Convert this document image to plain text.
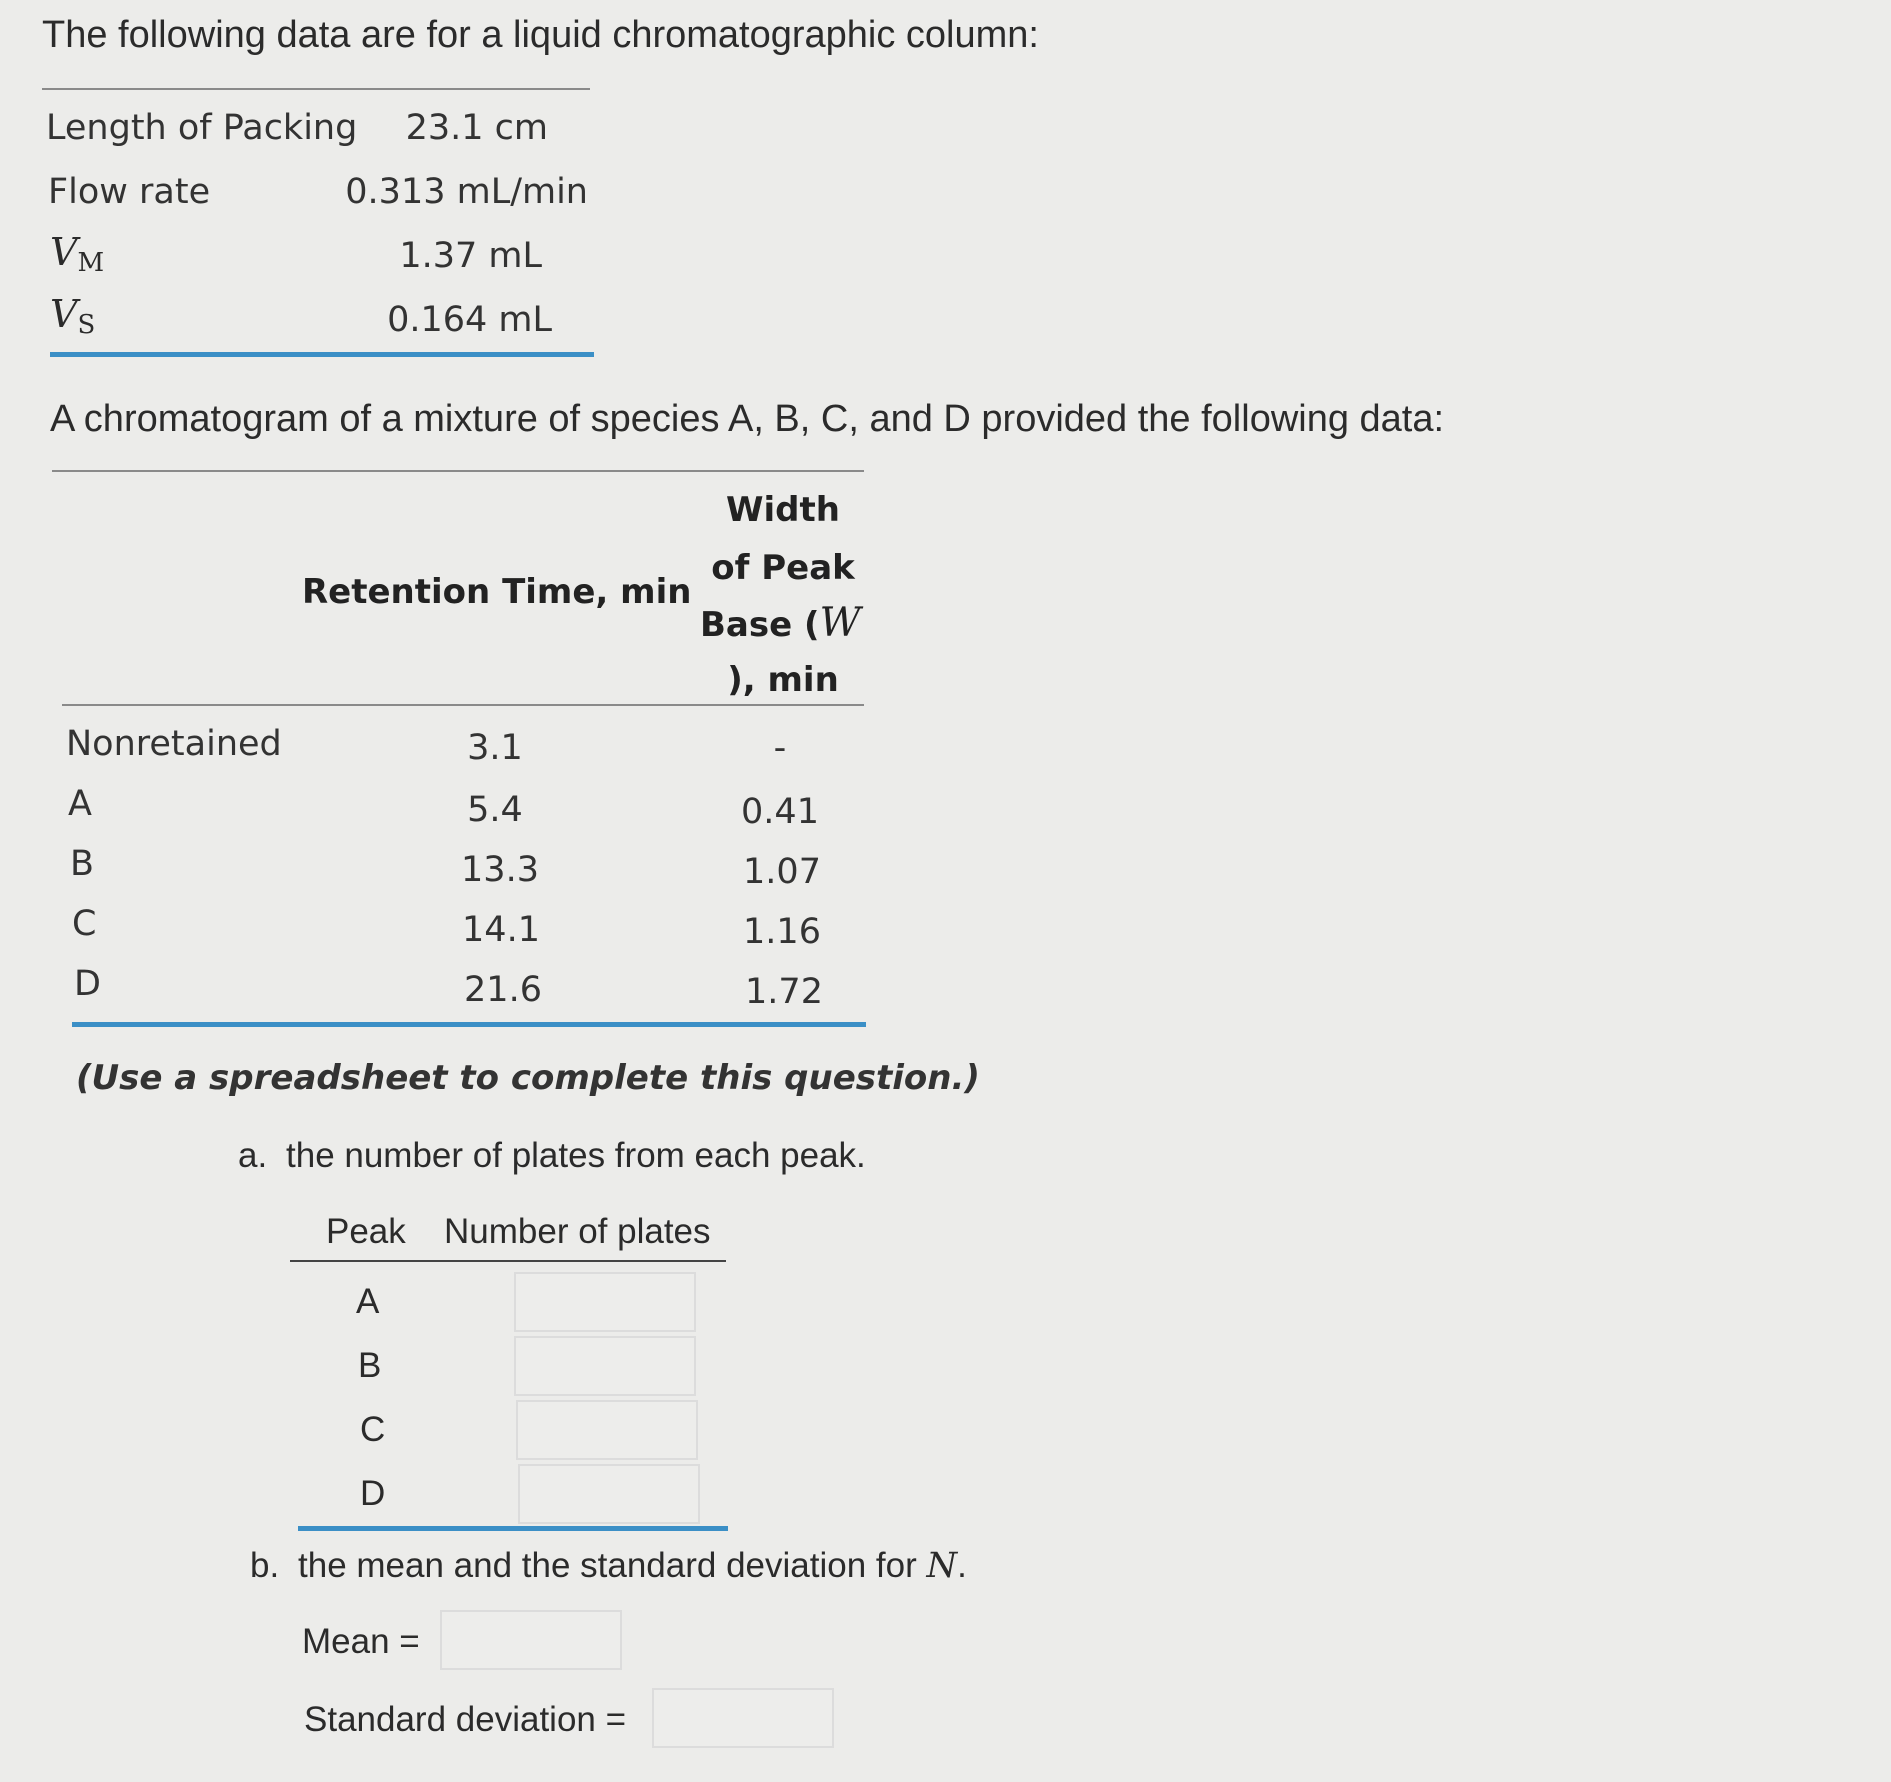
The following data are for a liquid chromatographic column:
Length of Packing	23.1 cm
Flow rate	0.313 mL/min
$V_M$	1.37 mL
$V_S$	0.164 mL
A chromatogram of a mixture of species A, B, C, and D provided the following data:
Retention Time, min
Width
of Peak
Base (W
), min
Nonretained	3.1	-
A	5.4	0.41
B	13.3	1.07
C	14.1	1.16
D	21.6	1.72
(Use a spreadsheet to complete this question.)
a. the number of plates from each peak.
Peak Number of plates
A
B
C
D
b. the mean and the standard deviation for N.
Mean =
Standard deviation =
